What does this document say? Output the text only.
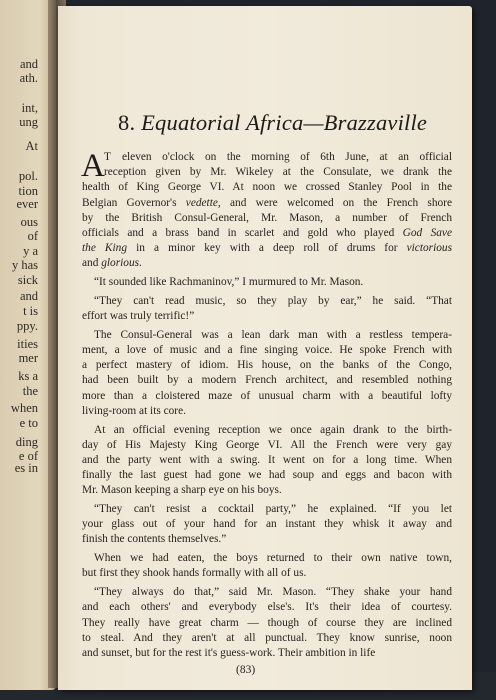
and
ath.
int,
ung
At
pol.
tion
ever
ous
of
y a
y has
sick
and
t is
ppy.
ities
mer
ks a
the
when
e to
ding
e of
es in
8. Equatorial Africa—Brazzaville
A T eleven o'clock on the morning of 6th June, at an official
reception given by Mr. Wikeley at the Consulate, we drank the
health of King George VI. At noon we crossed Stanley Pool in the
Belgian Governor's vedette, and were welcomed on the French shore
by the British Consul-General, Mr. Mason, a number of French
officials and a brass band in scarlet and gold who played God Save
the King in a minor key with a deep roll of drums for victorious
and glorious.
“It sounded like Rachmaninov,” I murmured to Mr. Mason.
“They can't read music, so they play by ear,” he said. “That
effort was truly terrific!”
The Consul-General was a lean dark man with a restless tempera-
ment, a love of music and a fine singing voice. He spoke French with
a perfect mastery of idiom. His house, on the banks of the Congo,
had been built by a modern French architect, and resembled nothing
more than a cloistered maze of unusual charm with a beautiful lofty
living-room at its core.
At an official evening reception we once again drank to the birth-
day of His Majesty King George VI. All the French were very gay
and the party went with a swing. It went on for a long time. When
finally the last guest had gone we had soup and eggs and bacon with
Mr. Mason keeping a sharp eye on his boys.
“They can't resist a cocktail party,” he explained. “If you let
your glass out of your hand for an instant they whisk it away and
finish the contents themselves.”
When we had eaten, the boys returned to their own native town,
but first they shook hands formally with all of us.
“They always do that,” said Mr. Mason. “They shake your hand
and each others' and everybody else's. It's their idea of courtesy.
They really have great charm — though of course they are inclined
to steal. And they aren't at all punctual. They know sunrise, noon
and sunset, but for the rest it's guess-work. Their ambition in life
(83)
